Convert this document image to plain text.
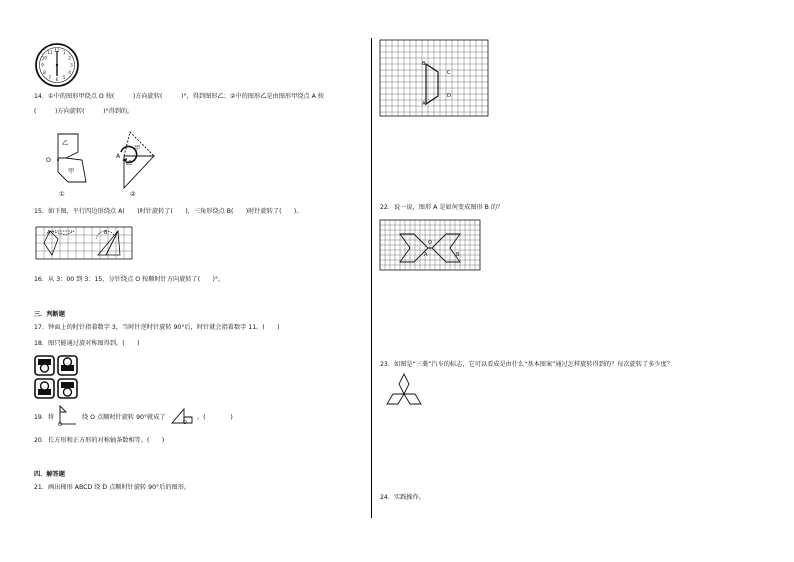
12 1
2
3
4
5
6
7
8
9
10
11
14．①中的图形甲绕点 O 按(　　　)方向旋转(　　　)°，得到图形乙；②中的图形乙是由图形甲绕点 A 按
(　　　)方向旋转(　　　)°得到的。
乙
甲
O
①
A
甲
乙
②
15．如下图，平行四边形绕点 A(　　)时针旋转了(　　)，三角形绕点 B(　　)时针旋转了(　　)。
A	B
16．从 3：00 到 3：15，分针绕点 O 按顺时针方向旋转了(　　)°。
三．判断题
17．钟面上的时针指着数字 3，当时针逆时针旋转 90°后，时针就会指着数字 11。(　　)
18．图只能通过旋对称图得到。(　　)
19．将
O
绕 O 点顺时针旋转 90°就成了
O
。(　　　　)
20．长方形和正方形的对称轴条数相等。(　　)
四．解答题
21．画出梯形 ABCD 绕 D 点顺时针旋转 90°后的图形。
B
C
A
D
22．说一说，图形 A 是如何变成图形 B 的？
A
O
B
23．如图是“三菱”汽车的标志，它可以看成是由什么“基本图案”通过怎样旋转得到的？每次旋转了多少度？
24．实践操作。
